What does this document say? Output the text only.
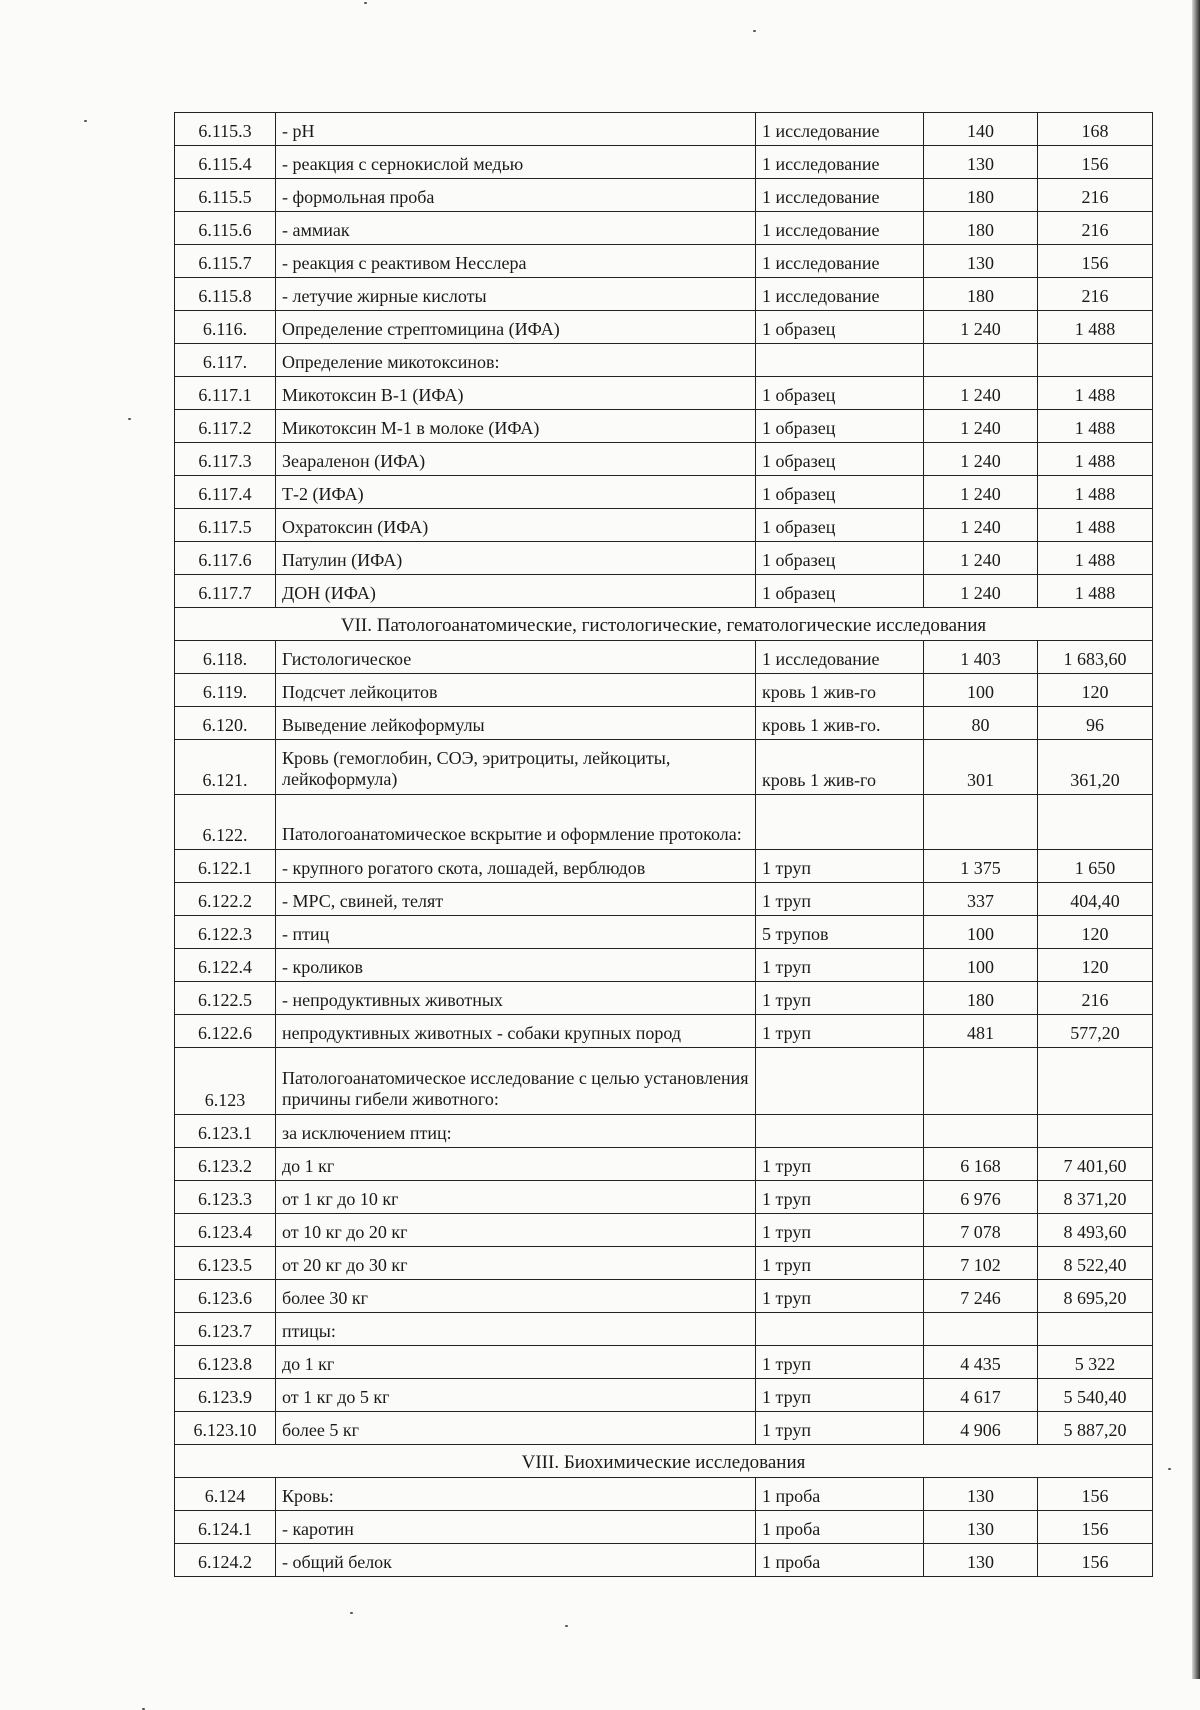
6.115.3	- pH	1 исследование	140	168
6.115.4	- реакция с сернокислой медью	1 исследование	130	156
6.115.5	- формольная проба	1 исследование	180	216
6.115.6	- аммиак	1 исследование	180	216
6.115.7	- реакция с реактивом Несслера	1 исследование	130	156
6.115.8	- летучие жирные кислоты	1 исследование	180	216
6.116.	Определение стрептомицина (ИФА)	1 образец	1 240	1 488
6.117.	Определение микотоксинов:			
6.117.1	Микотоксин В-1 (ИФА)	1 образец	1 240	1 488
6.117.2	Микотоксин М-1 в молоке (ИФА)	1 образец	1 240	1 488
6.117.3	Зеараленон (ИФА)	1 образец	1 240	1 488
6.117.4	Т-2 (ИФА)	1 образец	1 240	1 488
6.117.5	Охратоксин (ИФА)	1 образец	1 240	1 488
6.117.6	Патулин (ИФА)	1 образец	1 240	1 488
6.117.7	ДОН (ИФА)	1 образец	1 240	1 488
VII. Патологоанатомические, гистологические, гематологические исследования				
6.118.	Гистологическое	1 исследование	1 403	1 683,60
6.119.	Подсчет лейкоцитов	кровь 1 жив-го	100	120
6.120.	Выведение лейкоформулы	кровь 1 жив-го.	80	96
6.121.	Кровь (гемоглобин, СОЭ, эритроциты, лейкоциты, лейкоформула)	кровь 1 жив-го	301	361,20
6.122.	Патологоанатомическое вскрытие и оформление протокола:			
6.122.1	- крупного рогатого скота, лошадей, верблюдов	1 труп	1 375	1 650
6.122.2	- МРС, свиней, телят	1 труп	337	404,40
6.122.3	- птиц	5 трупов	100	120
6.122.4	- кроликов	1 труп	100	120
6.122.5	- непродуктивных животных	1 труп	180	216
6.122.6	непродуктивных животных - собаки крупных пород	1 труп	481	577,20
6.123	Патологоанатомическое исследование с целью установления причины гибели животного:			
6.123.1	за исключением птиц:			
6.123.2	до 1 кг	1 труп	6 168	7 401,60
6.123.3	от 1 кг до 10 кг	1 труп	6 976	8 371,20
6.123.4	от 10 кг до 20 кг	1 труп	7 078	8 493,60
6.123.5	от 20 кг до 30 кг	1 труп	7 102	8 522,40
6.123.6	более 30 кг	1 труп	7 246	8 695,20
6.123.7	птицы:			
6.123.8	до 1 кг	1 труп	4 435	5 322
6.123.9	от 1 кг до 5 кг	1 труп	4 617	5 540,40
6.123.10	более 5 кг	1 труп	4 906	5 887,20
VIII. Биохимические исследования				
6.124	Кровь:	1 проба	130	156
6.124.1	- каротин	1 проба	130	156
6.124.2	- общий белок	1 проба	130	156
